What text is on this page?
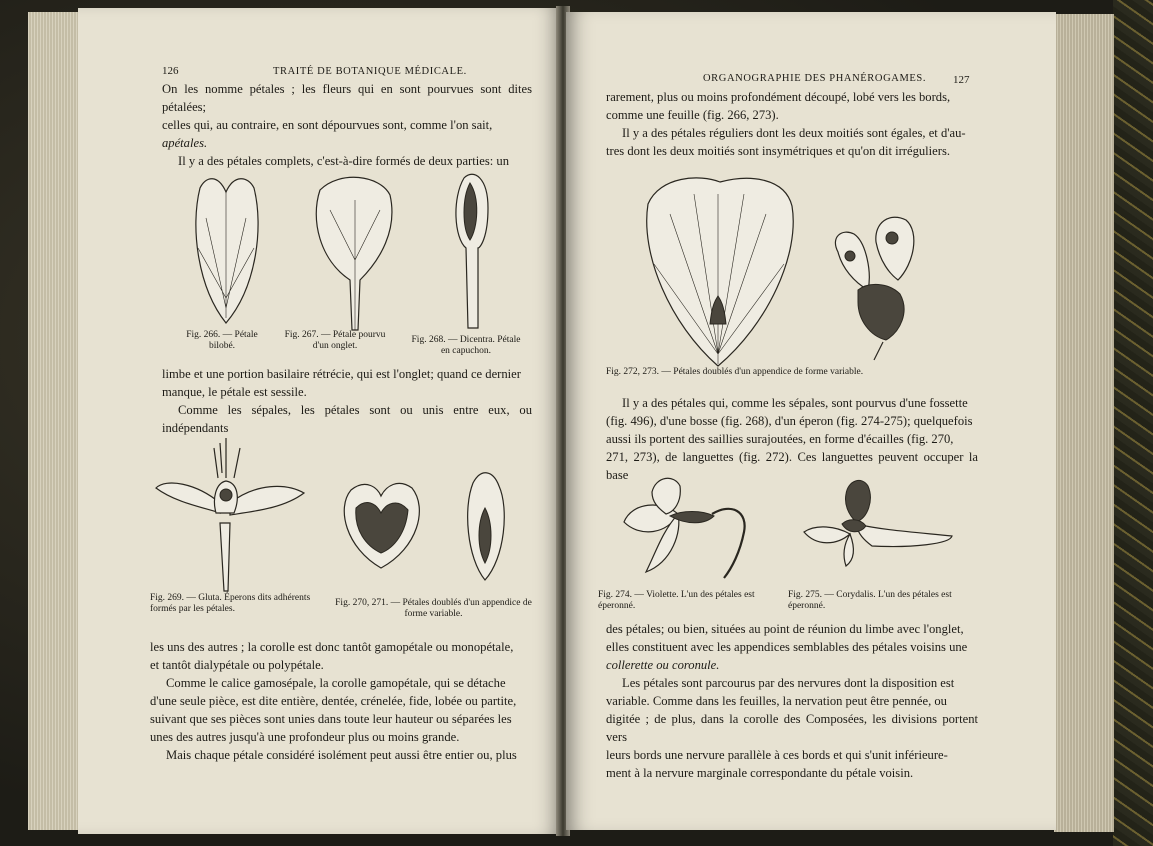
126	TRAITÉ DE BOTANIQUE MÉDICALE.

On les nomme pétales ; les fleurs qui en sont pourvues sont dites pétalées;

celles qui, au contraire, en sont dépourvues sont, comme l'on sait,

apétales.

Il y a des pétales complets, c'est-à-dire formés de deux parties: un

Fig. 266. — Pétale bilobé.
Fig. 267. — Pétale pourvu d'un onglet.
Fig. 268. — Dicentra. Pétale en capuchon.

limbe et une portion basilaire rétrécie, qui est l'onglet; quand ce dernier

manque, le pétale est sessile.

Comme les sépales, les pétales sont ou unis entre eux, ou indépendants

Fig. 269. — Gluta. Éperons dits adhérents formés par les pétales.
Fig. 270, 271. — Pétales doublés d'un appendice de forme variable.

les uns des autres ; la corolle est donc tantôt gamopétale ou monopétale,

et tantôt dialypétale ou polypétale.

Comme le calice gamosépale, la corolle gamopétale, qui se détache

d'une seule pièce, est dite entière, dentée, crénelée, fide, lobée ou partite,

suivant que ses pièces sont unies dans toute leur hauteur ou séparées les

unes des autres jusqu'à une profondeur plus ou moins grande.

Mais chaque pétale considéré isolément peut aussi être entier ou, plus

ORGANOGRAPHIE DES PHANÉROGAMES. 127

rarement, plus ou moins profondément découpé, lobé vers les bords,

comme une feuille (fig. 266, 273).

Il y a des pétales réguliers dont les deux moitiés sont égales, et d'au-

tres dont les deux moitiés sont insymétriques et qu'on dit irréguliers.

Fig. 272, 273. — Pétales doublés d'un appendice de forme variable.

Il y a des pétales qui, comme les sépales, sont pourvus d'une fossette

(fig. 496), d'une bosse (fig. 268), d'un éperon (fig. 274-275); quelquefois

aussi ils portent des saillies surajoutées, en forme d'écailles (fig. 270,

271, 273), de languettes (fig. 272). Ces languettes peuvent occuper la base

Fig. 274. — Violette. L'un des pétales est éperonné.
Fig. 275. — Corydalis. L'un des pétales est éperonné.

des pétales; ou bien, situées au point de réunion du limbe avec l'onglet,

elles constituent avec les appendices semblables des pétales voisins une

collerette ou coronule.

Les pétales sont parcourus par des nervures dont la disposition est

variable. Comme dans les feuilles, la nervation peut être pennée, ou

digitée ; de plus, dans la corolle des Composées, les divisions portent vers

leurs bords une nervure parallèle à ces bords et qui s'unit inférieure-

ment à la nervure marginale correspondante du pétale voisin.
